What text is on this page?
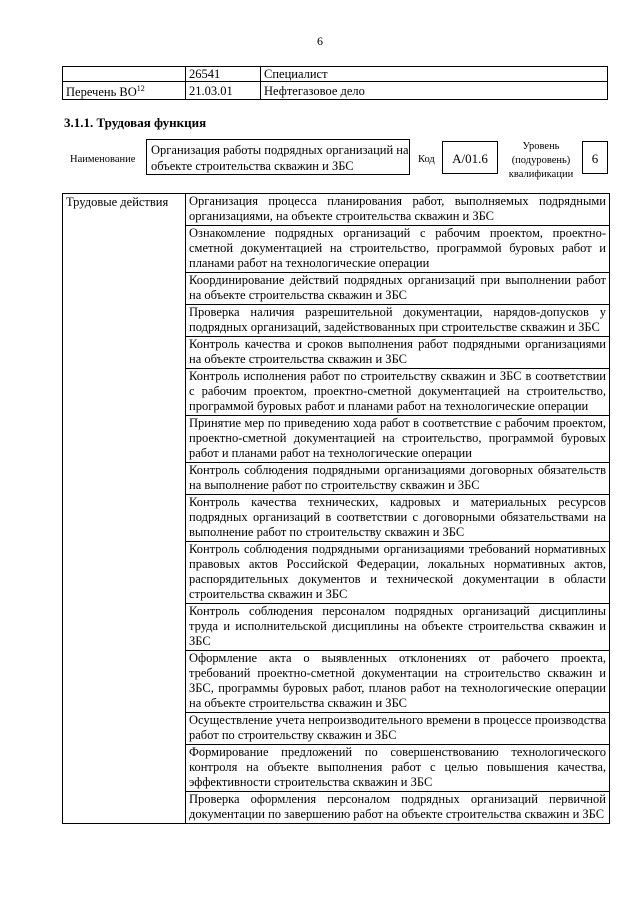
6
	26541	Специалист
Перечень ВО$^{12}$	21.03.01	Нефтегазовое дело
3.1.1. Трудовая функция
Наименование
Организация работы подрядных организаций на объекте строительства скважин и ЗБС	Код	А/01.6
Уровень
(подуровень)
квалификации
6
Трудовые действия	Организация процесса планирования работ, выполняемых подрядными организациями, на объекте строительства скважин и ЗБС
Ознакомление подрядных организаций с рабочим проектом, проектно-сметной документацией на строительство, программой буровых работ и планами работ на технологические операции
Координирование действий подрядных организаций при выполнении работ на объекте строительства скважин и ЗБС
Проверка наличия разрешительной документации, нарядов-допусков у подрядных организаций, задействованных при строительстве скважин и ЗБС
Контроль качества и сроков выполнения работ подрядными организациями на объекте строительства скважин и ЗБС
Контроль исполнения работ по строительству скважин и ЗБС в соответствии с рабочим проектом, проектно-сметной документацией на строительство, программой буровых работ и планами работ на технологические операции
Принятие мер по приведению хода работ в соответствие с рабочим проектом, проектно-сметной документацией на строительство, программой буровых работ и планами работ на технологические операции
Контроль соблюдения подрядными организациями договорных обязательств на выполнение работ по строительству скважин и ЗБС
Контроль качества технических, кадровых и материальных ресурсов подрядных организаций в соответствии с договорными обязательствами на выполнение работ по строительству скважин и ЗБС
Контроль соблюдения подрядными организациями требований нормативных правовых актов Российской Федерации, локальных нормативных актов, распорядительных документов и технической документации в области строительства скважин и ЗБС
Контроль соблюдения персоналом подрядных организаций дисциплины труда и исполнительской дисциплины на объекте строительства скважин и ЗБС
Оформление акта о выявленных отклонениях от рабочего проекта, требований проектно-сметной документации на строительство скважин и ЗБС, программы буровых работ, планов работ на технологические операции на объекте строительства скважин и ЗБС
Осуществление учета непроизводительного времени в процессе производства работ по строительству скважин и ЗБС
Формирование предложений по совершенствованию технологического контроля на объекте выполнения работ с целью повышения качества, эффективности строительства скважин и ЗБС
Проверка оформления персоналом подрядных организаций первичной документации по завершению работ на объекте строительства скважин и ЗБС
